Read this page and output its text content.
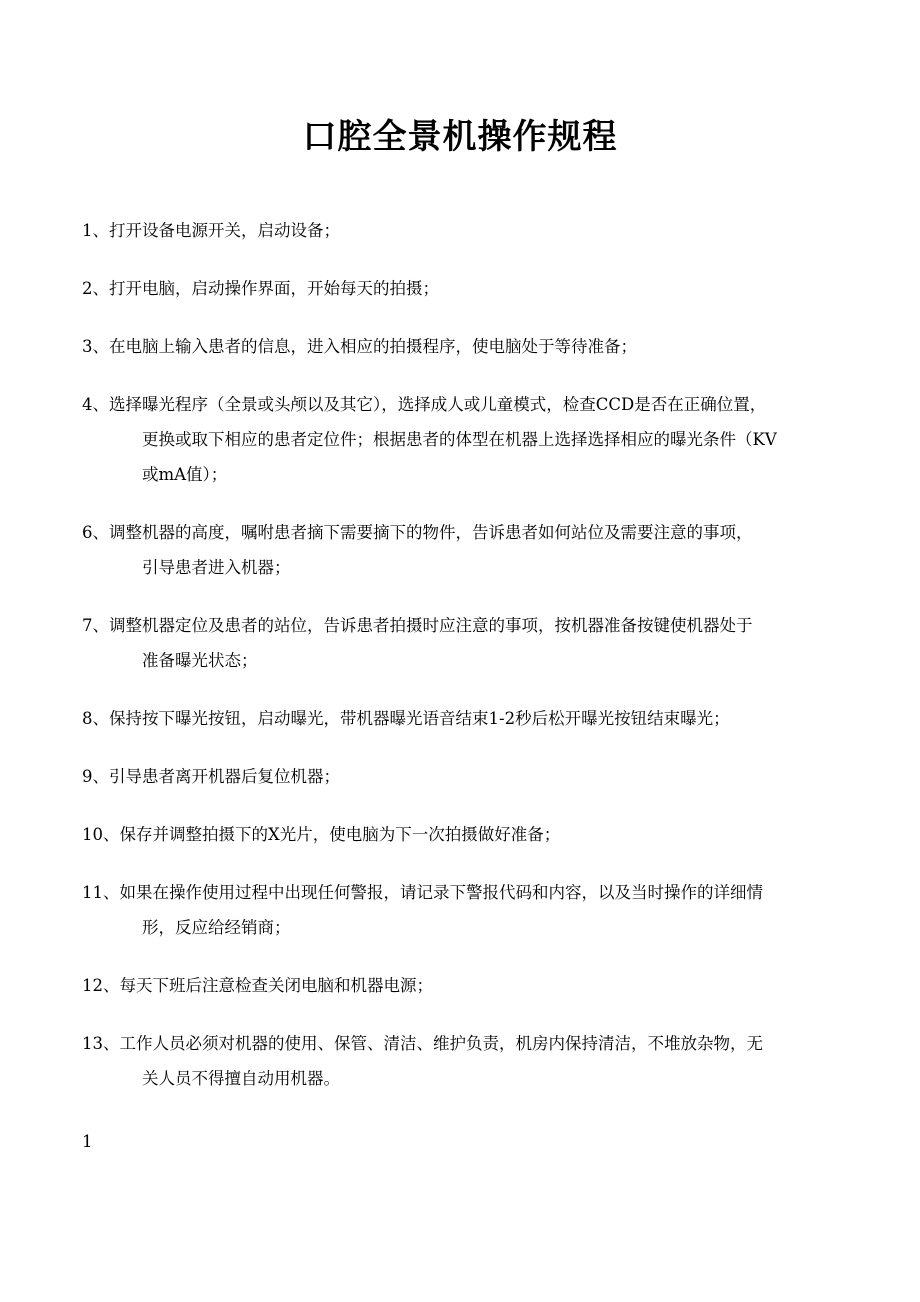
口腔全景机操作规程
1、打开设备电源开关，启动设备；
2、打开电脑，启动操作界面，开始每天的拍摄；
3、在电脑上输入患者的信息，进入相应的拍摄程序，使电脑处于等待准备；
4、选择曝光程序（全景或头颅以及其它），选择成人或儿童模式，检查CCD是否在正确位置，
更换或取下相应的患者定位件；根据患者的体型在机器上选择选择相应的曝光条件（KV
或mA值）；
6、调整机器的高度，嘱咐患者摘下需要摘下的物件，告诉患者如何站位及需要注意的事项，
引导患者进入机器；
7、调整机器定位及患者的站位，告诉患者拍摄时应注意的事项，按机器准备按键使机器处于
准备曝光状态；
8、保持按下曝光按钮，启动曝光，带机器曝光语音结束1-2秒后松开曝光按钮结束曝光；
9、引导患者离开机器后复位机器；
10、保存并调整拍摄下的X光片，使电脑为下一次拍摄做好准备；
11、如果在操作使用过程中出现任何警报，请记录下警报代码和内容，以及当时操作的详细情
形，反应给经销商；
12、每天下班后注意检查关闭电脑和机器电源；
13、工作人员必须对机器的使用、保管、清洁、维护负责，机房内保持清洁，不堆放杂物，无
关人员不得擅自动用机器。
1
